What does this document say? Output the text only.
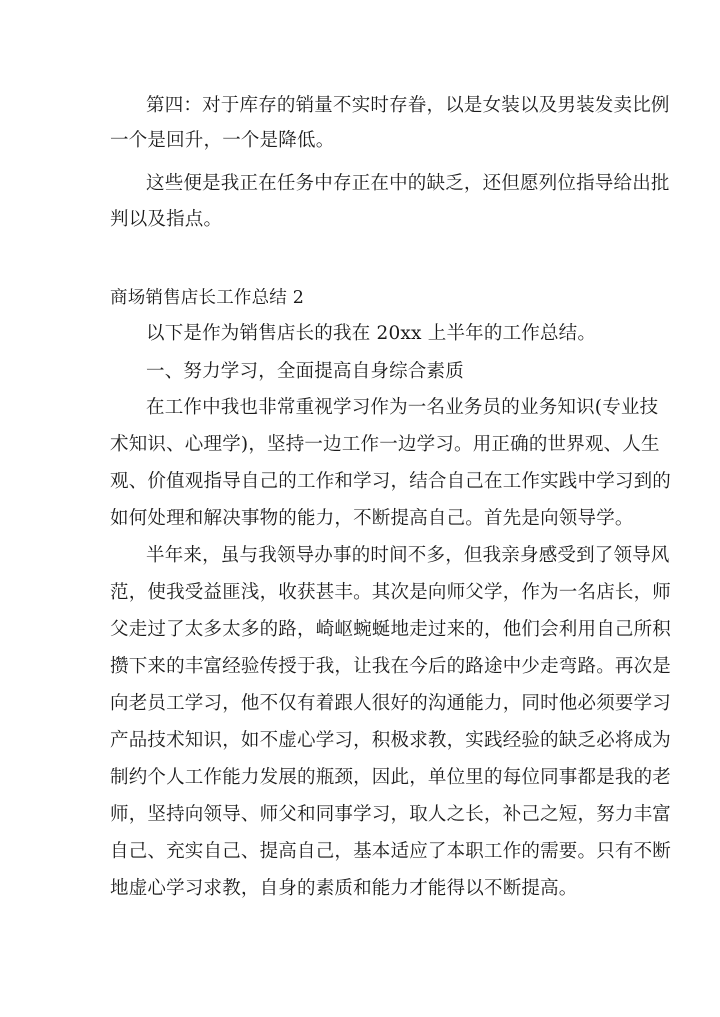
第四：对于库存的销量不实时存眷，以是女装以及男装发卖比例
一个是回升，一个是降低。
这些便是我正在任务中存正在中的缺乏，还但愿列位指导给出批
判以及指点。
商场销售店长工作总结 2
以下是作为销售店长的我在 20xx 上半年的工作总结。
一、努力学习，全面提高自身综合素质
在工作中我也非常重视学习作为一名业务员的业务知识(专业技
术知识、心理学)，坚持一边工作一边学习。用正确的世界观、人生
观、价值观指导自己的工作和学习，结合自己在工作实践中学习到的
如何处理和解决事物的能力，不断提高自己。首先是向领导学。
半年来，虽与我领导办事的时间不多，但我亲身感受到了领导风
范，使我受益匪浅，收获甚丰。其次是向师父学，作为一名店长，师
父走过了太多太多的路，崎岖蜿蜒地走过来的，他们会利用自己所积
攒下来的丰富经验传授于我，让我在今后的路途中少走弯路。再次是
向老员工学习，他不仅有着跟人很好的沟通能力，同时他必须要学习
产品技术知识，如不虚心学习，积极求教，实践经验的缺乏必将成为
制约个人工作能力发展的瓶颈，因此，单位里的每位同事都是我的老
师，坚持向领导、师父和同事学习，取人之长，补己之短，努力丰富
自己、充实自己、提高自己，基本适应了本职工作的需要。只有不断
地虚心学习求教，自身的素质和能力才能得以不断提高。
